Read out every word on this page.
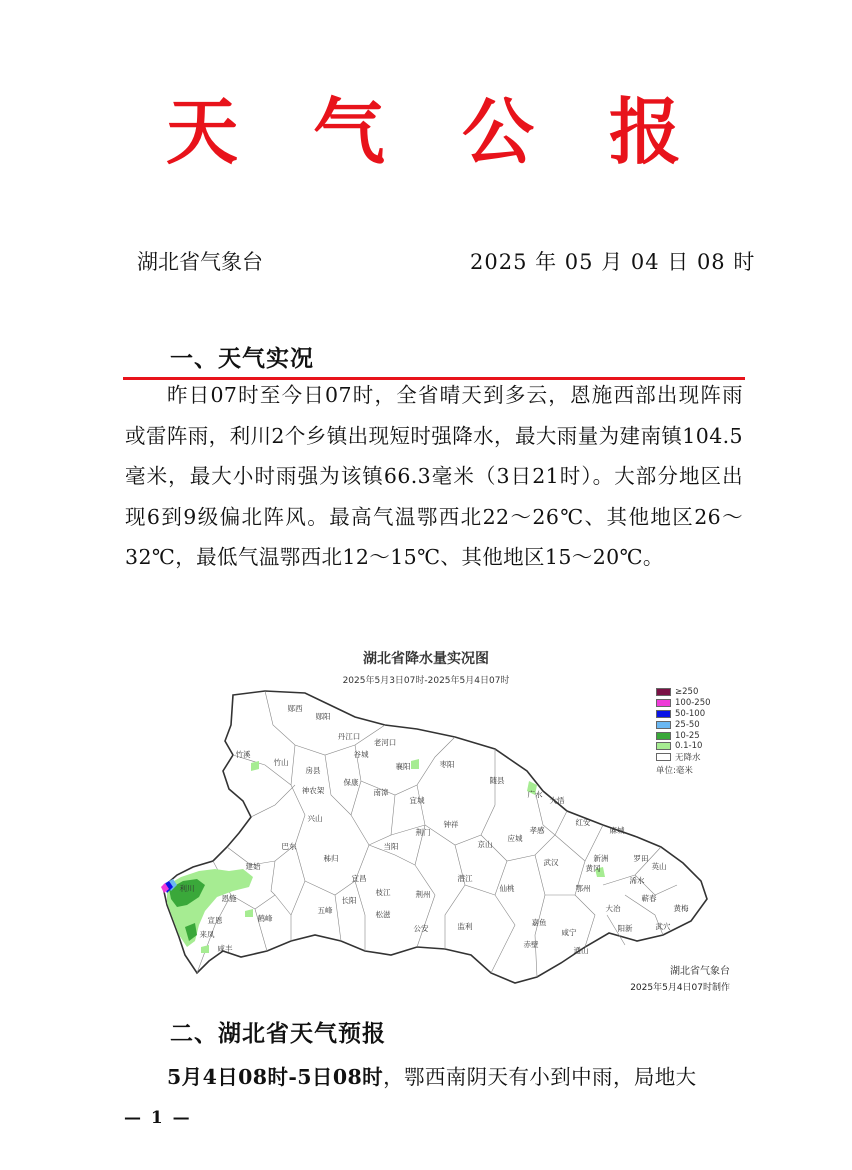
天 气 公 报
湖北省气象台	2025 年 05 月 04 日 08 时
一、天气实况
昨日07时至今日07时，全省晴天到多云，恩施西部出现阵雨或雷阵雨，利川2个乡镇出现短时强降水，最大雨量为建南镇104.5毫米，最大小时雨强为该镇66.3毫米（3日21时）。大部分地区出现6到9级偏北阵风。最高气温鄂西北22～26℃、其他地区26～32℃，最低气温鄂西北12～15℃、其他地区15～20℃。
湖北省降水量实况图
2025年5月3日07时-2025年5月4日07时
郧西
郧阳
丹江口
老河口
竹溪
竹山
房县
谷城
襄阳	枣阳
随县
广水
大悟
保康
南漳
宜城
钟祥
京山
孝感
红安
麻城
神农架
兴山
巴东
秭归
当阳
荆门
应城
武汉	新洲	罗田
英山
建始
利川
恩施
宜昌
枝江
潜江
仙桃	鄂州
黄冈
浠水
鹤峰
五峰	松滋
公安	监利	嘉鱼
咸宁
通山
阳新
来凤
咸丰
荆州
赤壁
蕲春
武穴
黄梅
大冶
长阳
宣恩
≥250
100-250
50-100
25-50
10-25
0.1-10
无降水
单位:毫米
湖北省气象台
2025年5月4日07时制作
二、湖北省天气预报
5月4日08时-5日08时，鄂西南阴天有小到中雨，局地大
— 1 —
